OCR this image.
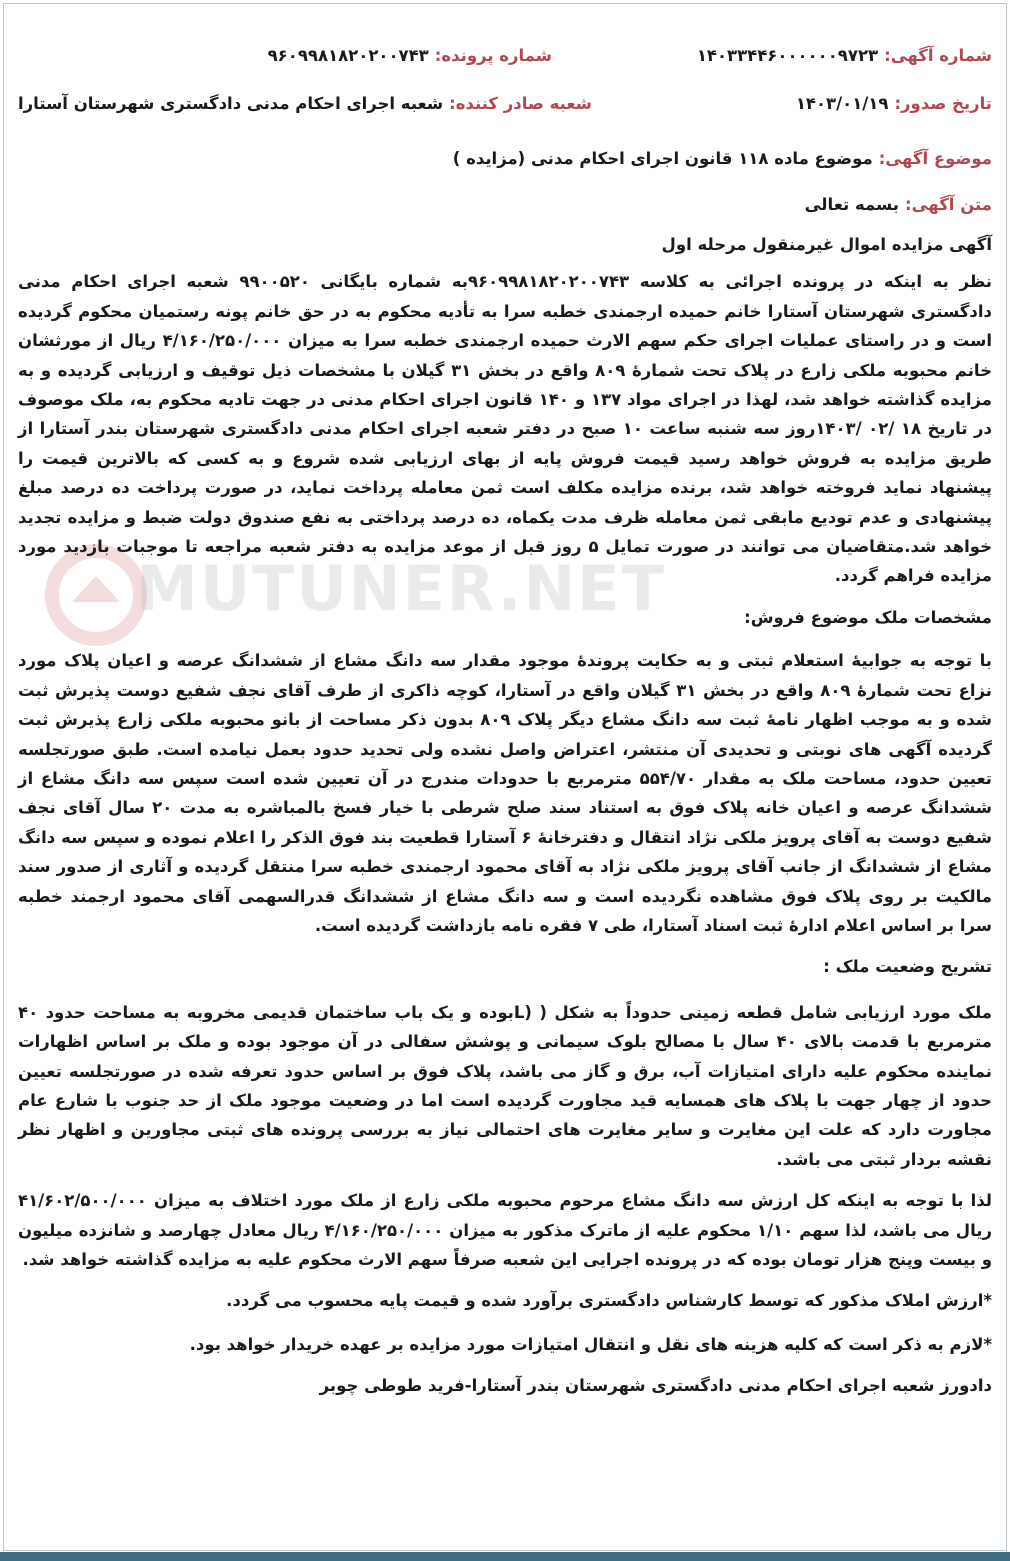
MUTUNER.NET
شماره آگهی:
۱۴۰۳۳۴۴۶۰۰۰۰۰۰۹۷۲۳
شماره پرونده:
۹۶۰۹۹۸۱۸۲۰۲۰۰۷۴۳
تاریخ صدور:
۱۴۰۳/۰۱/۱۹
شعبه صادر کننده:
شعبه اجرای احکام مدنی دادگستری شهرستان آستارا
موضوع آگهی:
موضوع ماده ۱۱۸ قانون اجرای احکام مدنی (مزایده )
متن آگهی:
بسمه تعالی

آگهی مزایده اموال غیرمنقول مرحله اول

نظر به اینکه در پرونده اجرائی به کلاسه ۹۶۰۹۹۸۱۸۲۰۲۰۰۷۴۳به شماره بایگانی ۹۹۰۰۵۲۰ شعبه اجرای احکام مدنی دادگستری شهرستان آستارا خانم حمیده ارجمندی خطبه سرا به تأدیه محکوم به در حق خانم پونه رستمیان محکوم گردیده است و در راستای عملیات اجرای حکم سهم الارث حمیده ارجمندی خطبه سرا به میزان ۴/۱۶۰/۲۵۰/۰۰۰ ریال از مورثشان خانم محبوبه ملکی زارع در پلاک تحت شمارۀ ۸۰۹ واقع در بخش ۳۱ گیلان با مشخصات ذیل توقیف و ارزیابی گردیده و به مزایده گذاشته خواهد شد، لهذا در اجرای مواد ۱۳۷ و ۱۴۰ قانون اجرای احکام مدنی در جهت تادیه محکوم به، ملک موصوف در تاریخ ۱۸ /۰۲ /۱۴۰۳روز سه شنبه ساعت ۱۰ صبح در دفتر شعبه اجرای احکام مدنی دادگستری شهرستان بندر آستارا از طریق مزایده به فروش خواهد رسید قیمت فروش پایه از بهای ارزیابی شده شروع و به کسی که بالاترین قیمت را پیشنهاد نماید فروخته خواهد شد، برنده مزایده مکلف است ثمن معامله پرداخت نماید، در صورت پرداخت ده درصد مبلغ پیشنهادی و عدم تودیع مابقی ثمن معامله ظرف مدت یکماه، ده درصد پرداختی به نفع صندوق دولت ضبط و مزایده تجدید خواهد شد.متقاضیان می توانند در صورت تمایل ۵ روز قبل از موعد مزایده به دفتر شعبه مراجعه تا موجبات بازدید مورد مزایده فراهم گردد.

مشخصات ملک موضوع فروش:

با توجه به جوابیۀ استعلام ثبتی و به حکایت پروندۀ موجود مقدار سه دانگ مشاع از ششدانگ عرصه و اعیان پلاک مورد نزاع تحت شمارۀ ۸۰۹ واقع در بخش ۳۱ گیلان واقع در آستارا، کوچه ذاکری از طرف آقای نجف شفیع دوست پذیرش ثبت شده و به موجب اظهار نامۀ ثبت سه دانگ مشاع دیگر پلاک ۸۰۹ بدون ذکر مساحت از بانو محبوبه ملکی زارع پذیرش ثبت گردیده آگهی های نوبتی و تحدیدی آن منتشر، اعتراض واصل نشده ولی تحدید حدود بعمل نیامده است. طبق صورتجلسه تعیین حدود، مساحت ملک به مقدار ۵۵۴/۷۰ مترمربع با حدودات مندرج در آن تعیین شده است سپس سه دانگ مشاع از ششدانگ عرصه و اعیان خانه پلاک فوق به استناد سند صلح شرطی با خیار فسخ بالمباشره به مدت ۲۰ سال آقای نجف شفیع دوست به آقای پرویز ملکی نژاد انتقال و دفترخانۀ ۶ آستارا قطعیت بند فوق الذکر را اعلام نموده و سپس سه دانگ مشاع از ششدانگ از جانب آقای پرویز ملکی نژاد به آقای محمود ارجمندی خطبه سرا منتقل گردیده و آثاری از صدور سند مالکیت بر روی پلاک فوق مشاهده نگردیده است و سه دانگ مشاع از ششدانگ قدرالسهمی آقای محمود ارجمند خطبه سرا بر اساس اعلام ادارۀ ثبت اسناد آستارا، طی ۷ فقره نامه بازداشت گردیده است.

تشریح وضعیت ملک :

ملک مورد ارزیابی شامل قطعه زمینی حدوداً به شکل ( (Lبوده و یک باب ساختمان قدیمی مخروبه به مساحت حدود ۴۰ مترمربع با قدمت بالای ۴۰ سال با مصالح بلوک سیمانی و پوشش سفالی در آن موجود بوده و ملک بر اساس اظهارات نماینده محکوم علیه دارای امتیازات آب، برق و گاز می باشد، پلاک فوق بر اساس حدود تعرفه شده در صورتجلسه تعیین حدود از چهار جهت با پلاک های همسایه قید مجاورت گردیده است اما در وضعیت موجود ملک از حد جنوب با شارع عام مجاورت دارد که علت این مغایرت و سایر مغایرت های احتمالی نیاز به بررسی پرونده های ثبتی مجاورین و اظهار نظر نقشه بردار ثبتی می باشد.

لذا با توجه به اینکه کل ارزش سه دانگ مشاع مرحوم محبوبه ملکی زارع از ملک مورد اختلاف به میزان ۴۱/۶۰۲/۵۰۰/۰۰۰ ریال می باشد، لذا سهم ۱/۱۰ محکوم علیه از ماترک مذکور به میزان ۴/۱۶۰/۲۵۰/۰۰۰ ریال معادل چهارصد و شانزده میلیون و بیست وپنج هزار تومان بوده که در پرونده اجرایی این شعبه صرفاً سهم الارث محکوم علیه به مزایده گذاشته خواهد شد.

*ارزش املاک مذکور که توسط کارشناس دادگستری برآورد شده و قیمت پایه محسوب می گردد.

*لازم به ذکر است که کلیه هزینه های نقل و انتقال امتیازات مورد مزایده بر عهده خریدار خواهد بود.

دادورز شعبه اجرای احکام مدنی دادگستری شهرستان بندر آستارا-فرید طوطی چوبر
